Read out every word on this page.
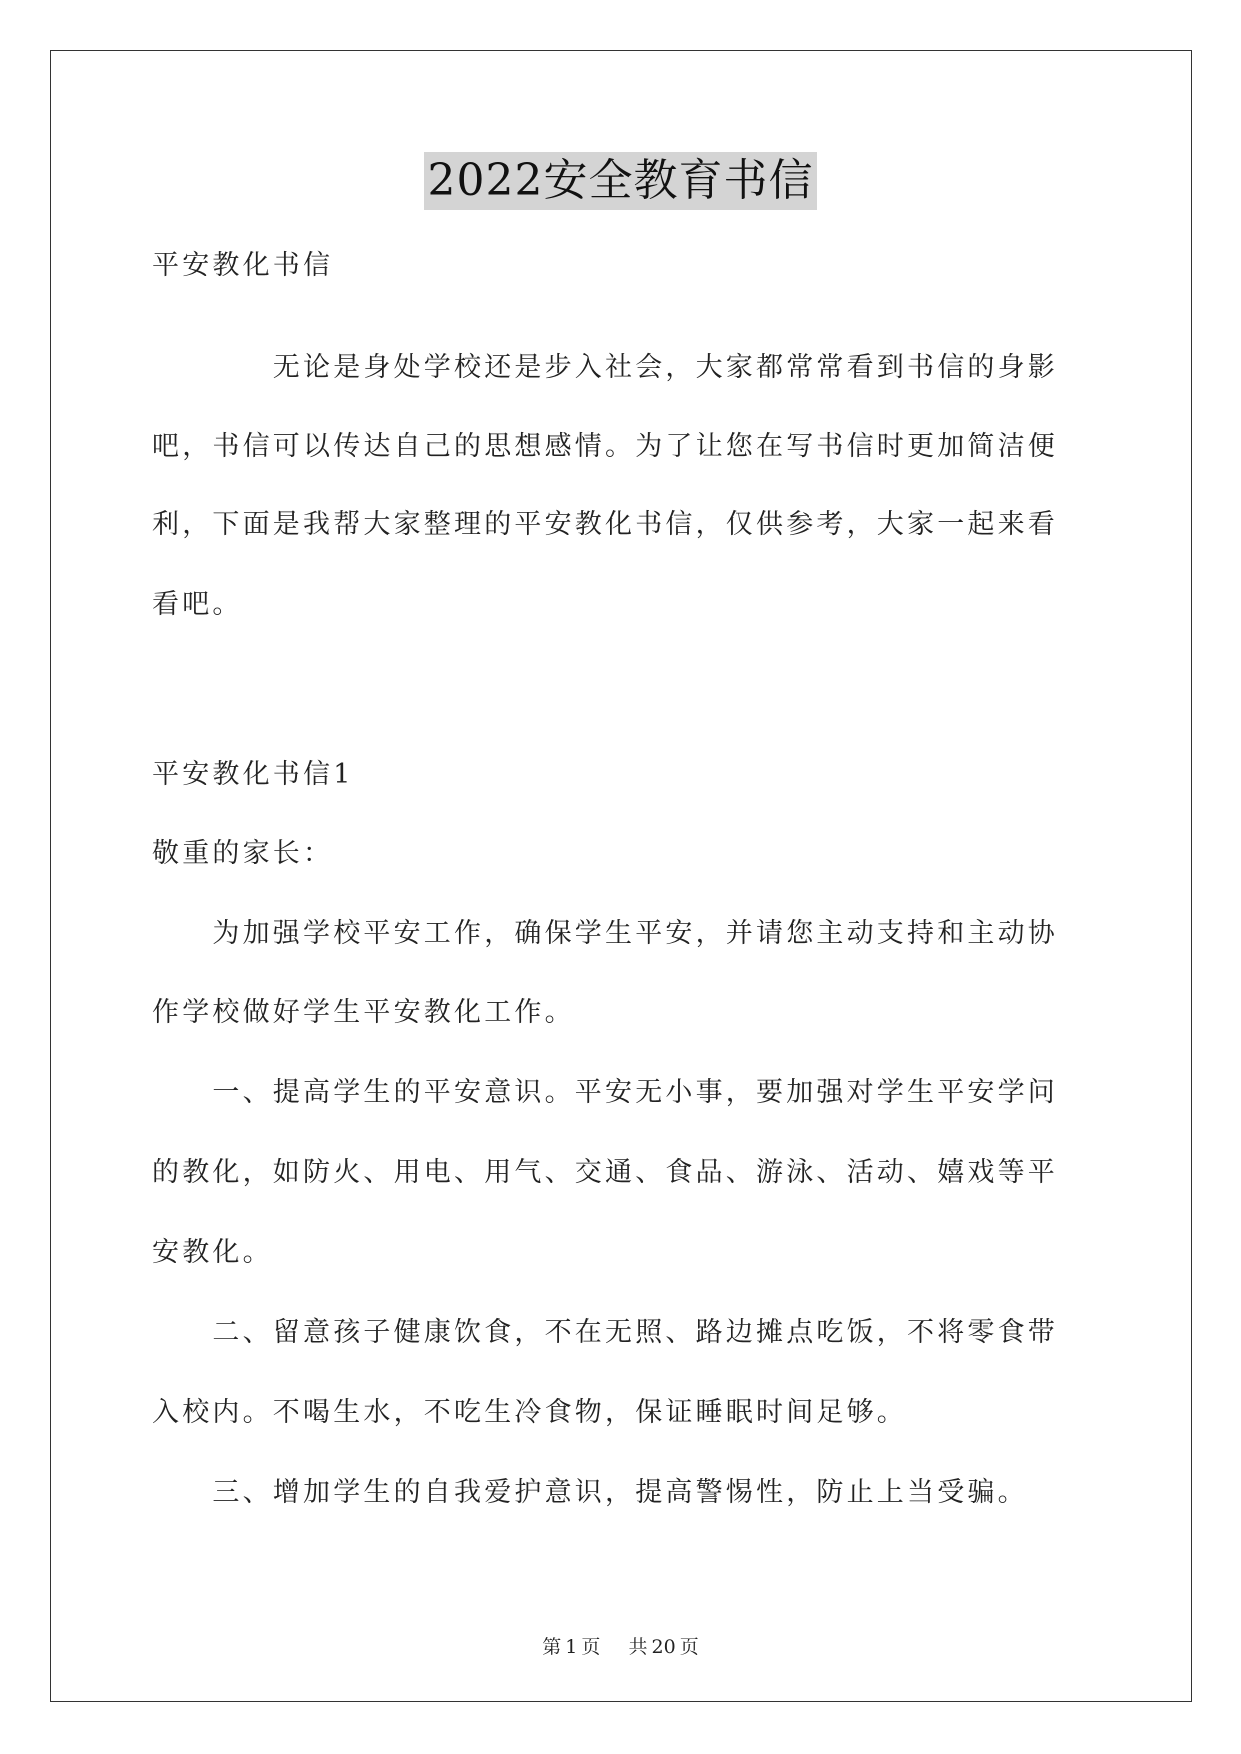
2022安全教育书信
平安教化书信
　　　　无论是身处学校还是步入社会，大家都常常看到书信的身影
吧，书信可以传达自己的思想感情。为了让您在写书信时更加简洁便
利，下面是我帮大家整理的平安教化书信，仅供参考，大家一起来看
看吧。
平安教化书信1
敬重的家长：
　　为加强学校平安工作，确保学生平安，并请您主动支持和主动协
作学校做好学生平安教化工作。
　　一、提高学生的平安意识。平安无小事，要加强对学生平安学问
的教化，如防火、用电、用气、交通、食品、游泳、活动、嬉戏等平
安教化。
　　二、留意孩子健康饮食，不在无照、路边摊点吃饭，不将零食带
入校内。不喝生水，不吃生冷食物，保证睡眠时间足够。
　　三、增加学生的自我爱护意识，提高警惕性，防止上当受骗。
第 1 页 共 20 页
